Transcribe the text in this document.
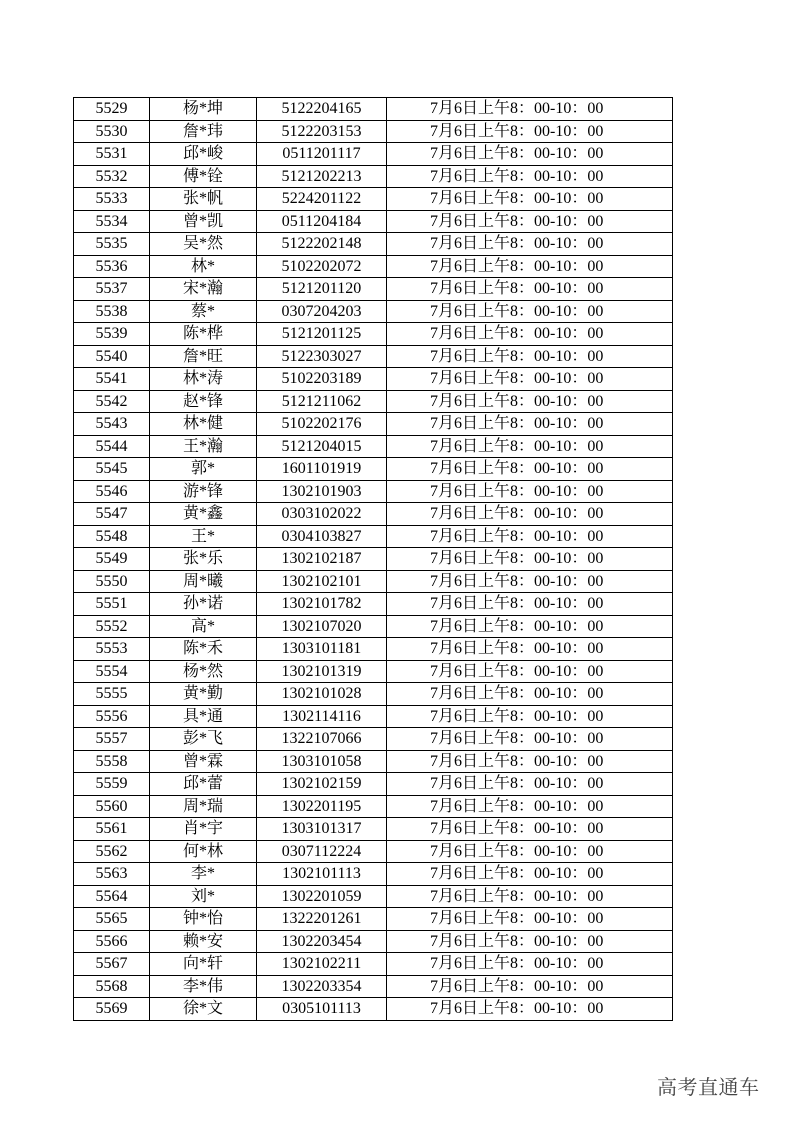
5529	杨*坤	5122204165	7月6日上午8：00-10：00
5530	詹*玮	5122203153	7月6日上午8：00-10：00
5531	邱*峻	0511201117	7月6日上午8：00-10：00
5532	傅*铨	5121202213	7月6日上午8：00-10：00
5533	张*帆	5224201122	7月6日上午8：00-10：00
5534	曾*凯	0511204184	7月6日上午8：00-10：00
5535	吴*然	5122202148	7月6日上午8：00-10：00
5536	林*	5102202072	7月6日上午8：00-10：00
5537	宋*瀚	5121201120	7月6日上午8：00-10：00
5538	蔡*	0307204203	7月6日上午8：00-10：00
5539	陈*桦	5121201125	7月6日上午8：00-10：00
5540	詹*旺	5122303027	7月6日上午8：00-10：00
5541	林*涛	5102203189	7月6日上午8：00-10：00
5542	赵*锋	5121211062	7月6日上午8：00-10：00
5543	林*健	5102202176	7月6日上午8：00-10：00
5544	王*瀚	5121204015	7月6日上午8：00-10：00
5545	郭*	1601101919	7月6日上午8：00-10：00
5546	游*锋	1302101903	7月6日上午8：00-10：00
5547	黄*鑫	0303102022	7月6日上午8：00-10：00
5548	王*	0304103827	7月6日上午8：00-10：00
5549	张*乐	1302102187	7月6日上午8：00-10：00
5550	周*曦	1302102101	7月6日上午8：00-10：00
5551	孙*诺	1302101782	7月6日上午8：00-10：00
5552	高*	1302107020	7月6日上午8：00-10：00
5553	陈*禾	1303101181	7月6日上午8：00-10：00
5554	杨*然	1302101319	7月6日上午8：00-10：00
5555	黄*勤	1302101028	7月6日上午8：00-10：00
5556	具*通	1302114116	7月6日上午8：00-10：00
5557	彭*飞	1322107066	7月6日上午8：00-10：00
5558	曾*霖	1303101058	7月6日上午8：00-10：00
5559	邱*蕾	1302102159	7月6日上午8：00-10：00
5560	周*瑞	1302201195	7月6日上午8：00-10：00
5561	肖*宇	1303101317	7月6日上午8：00-10：00
5562	何*林	0307112224	7月6日上午8：00-10：00
5563	李*	1302101113	7月6日上午8：00-10：00
5564	刘*	1302201059	7月6日上午8：00-10：00
5565	钟*怡	1322201261	7月6日上午8：00-10：00
5566	赖*安	1302203454	7月6日上午8：00-10：00
5567	向*轩	1302102211	7月6日上午8：00-10：00
5568	李*伟	1302203354	7月6日上午8：00-10：00
5569	徐*文	0305101113	7月6日上午8：00-10：00
高考直通车
